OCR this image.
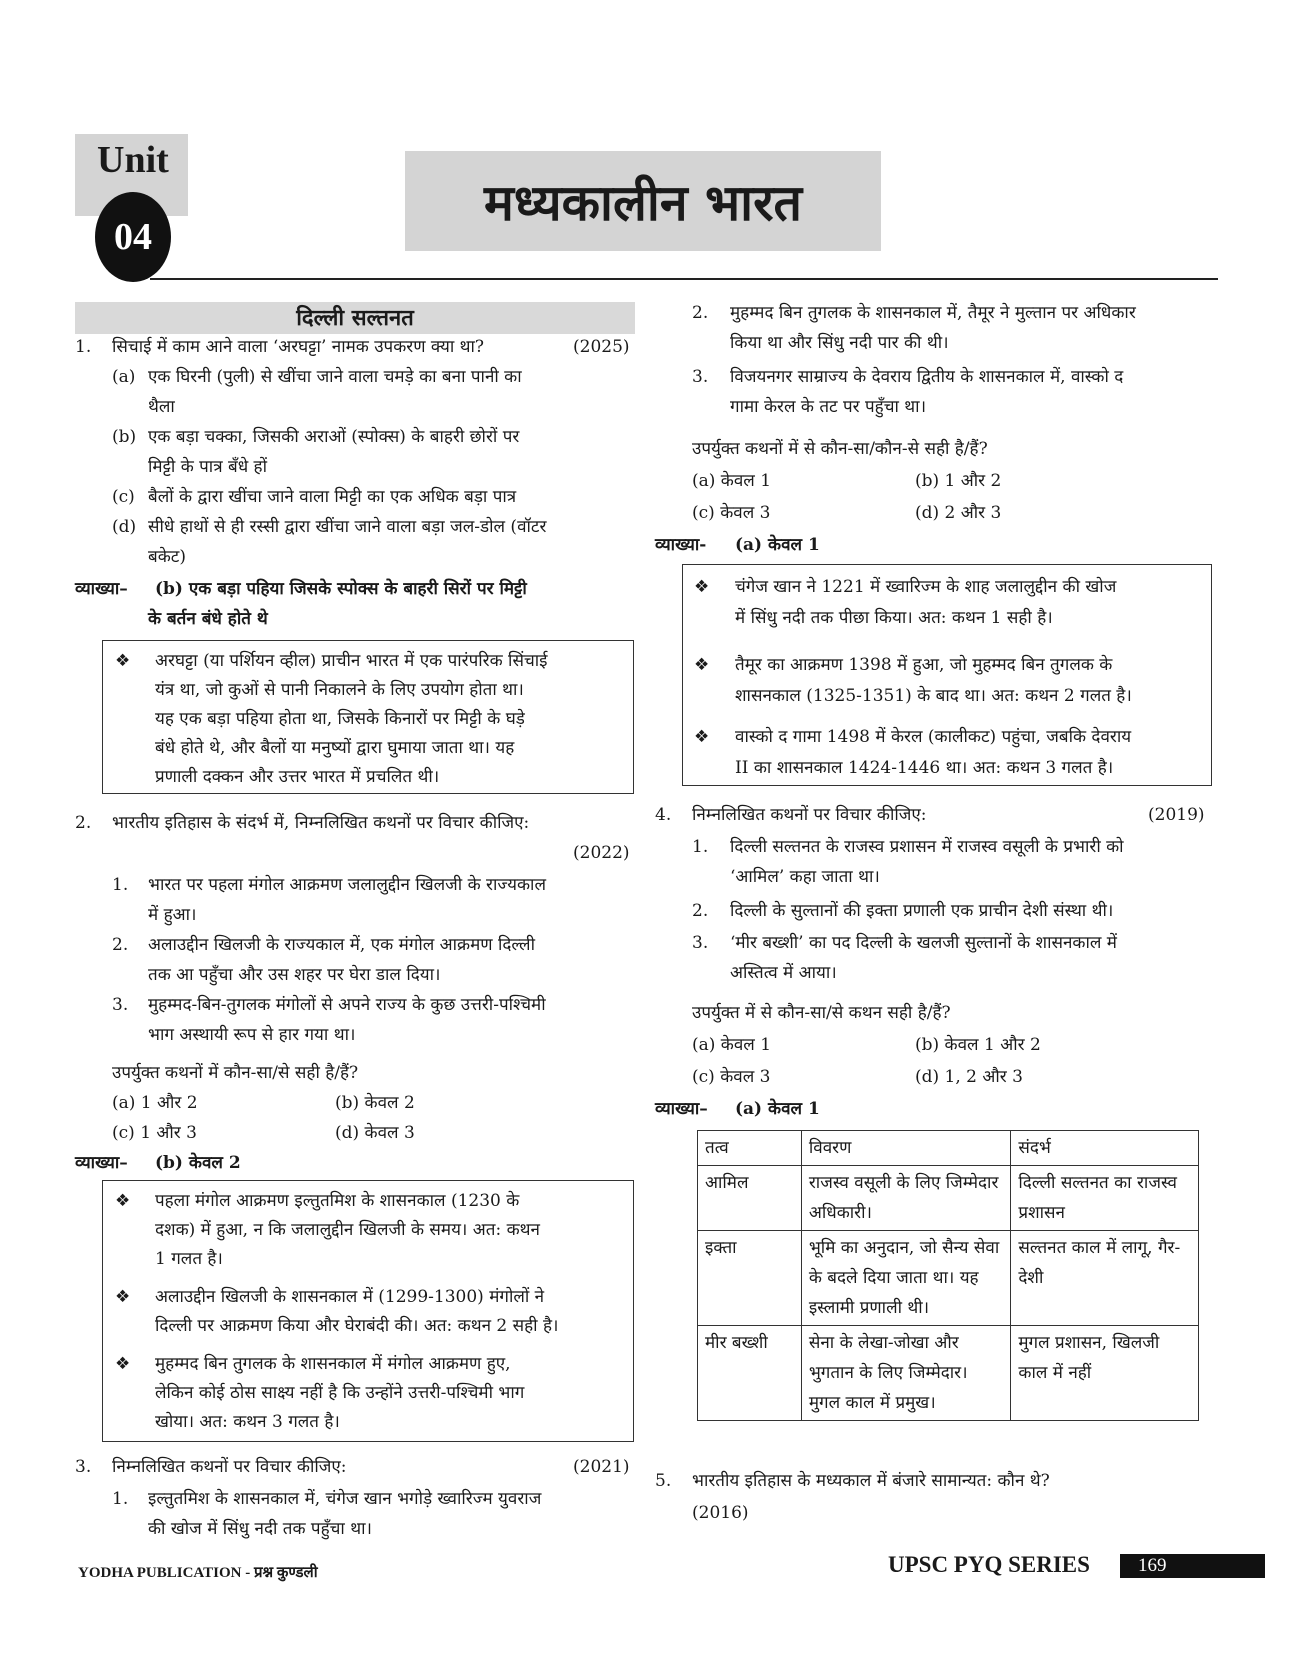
Unit
04
मध्यकालीन भारत
दिल्ली सल्तनत
1. सिचाई में काम आने वाला ‘अरघट्टा’ नामक उपकरण क्या था?	(2025)
(a) एक घिरनी (पुली) से खींचा जाने वाला चमड़े का बना पानी का
थैला
(b) एक बड़ा चक्का, जिसकी अराओं (स्पोक्स) के बाहरी छोरों पर
मिट्टी के पात्र बँधे हों
(c) बैलों के द्वारा खींचा जाने वाला मिट्टी का एक अधिक बड़ा पात्र
(d) सीधे हाथों से ही रस्सी द्वारा खींचा जाने वाला बड़ा जल-डोल (वॉटर
बकेट)
व्याख्या– (b) एक बड़ा पहिया जिसके स्पोक्स के बाहरी सिरों पर मिट्टी
के बर्तन बंधे होते थे
❖ अरघट्टा (या पर्शियन व्हील) प्राचीन भारत में एक पारंपरिक सिंचाई
यंत्र था, जो कुओं से पानी निकालने के लिए उपयोग होता था।
यह एक बड़ा पहिया होता था, जिसके किनारों पर मिट्टी के घड़े
बंधे होते थे, और बैलों या मनुष्यों द्वारा घुमाया जाता था। यह
प्रणाली दक्कन और उत्तर भारत में प्रचलित थी।
2. भारतीय इतिहास के संदर्भ में, निम्नलिखित कथनों पर विचार कीजिए:
(2022)
1. भारत पर पहला मंगोल आक्रमण जलालुद्दीन खिलजी के राज्यकाल
में हुआ।
2. अलाउद्दीन खिलजी के राज्यकाल में, एक मंगोल आक्रमण दिल्ली
तक आ पहुँचा और उस शहर पर घेरा डाल दिया।
3. मुहम्मद-बिन-तुगलक मंगोलों से अपने राज्य के कुछ उत्तरी-पश्चिमी
भाग अस्थायी रूप से हार गया था।
उपर्युक्त कथनों में कौन-सा/से सही है/हैं?
(a) 1 और 2	(b) केवल 2
(c) 1 और 3	(d) केवल 3
व्याख्या– (b) केवल 2
❖ पहला मंगोल आक्रमण इल्तुतमिश के शासनकाल (1230 के
दशक) में हुआ, न कि जलालुद्दीन खिलजी के समय। अत: कथन
1 गलत है।
❖ अलाउद्दीन खिलजी के शासनकाल में (1299-1300) मंगोलों ने
दिल्ली पर आक्रमण किया और घेराबंदी की। अत: कथन 2 सही है।
❖ मुहम्मद बिन तुगलक के शासनकाल में मंगोल आक्रमण हुए,
लेकिन कोई ठोस साक्ष्य नहीं है कि उन्होंने उत्तरी-पश्चिमी भाग
खोया। अत: कथन 3 गलत है।
3. निम्नलिखित कथनों पर विचार कीजिए:	(2021)
1. इल्तुतमिश के शासनकाल में, चंगेज खान भगोड़े ख्वारिज्म युवराज
की खोज में सिंधु नदी तक पहुँचा था।
2. मुहम्मद बिन तुगलक के शासनकाल में, तैमूर ने मुल्तान पर अधिकार
किया था और सिंधु नदी पार की थी।
3. विजयनगर साम्राज्य के देवराय द्वितीय के शासनकाल में, वास्को द
गामा केरल के तट पर पहुँचा था।
उपर्युक्त कथनों में से कौन-सा/कौन-से सही है/हैं?
(a) केवल 1	(b) 1 और 2
(c) केवल 3	(d) 2 और 3
व्याख्या- (a) केवल 1
❖ चंगेज खान ने 1221 में ख्वारिज्म के शाह जलालुद्दीन की खोज
में सिंधु नदी तक पीछा किया। अत: कथन 1 सही है।
❖ तैमूर का आक्रमण 1398 में हुआ, जो मुहम्मद बिन तुगलक के
शासनकाल (1325-1351) के बाद था। अत: कथन 2 गलत है।
❖ वास्को द गामा 1498 में केरल (कालीकट) पहुंचा, जबकि देवराय
II का शासनकाल 1424-1446 था। अत: कथन 3 गलत है।
4. निम्नलिखित कथनों पर विचार कीजिए:	(2019)
1. दिल्ली सल्तनत के राजस्व प्रशासन में राजस्व वसूली के प्रभारी को
‘आमिल’ कहा जाता था।
2. दिल्ली के सुल्तानों की इक्ता प्रणाली एक प्राचीन देशी संस्था थी।
3. ‘मीर बख्शी’ का पद दिल्ली के खलजी सुल्तानों के शासनकाल में
अस्तित्व में आया।
उपर्युक्त में से कौन-सा/से कथन सही है/हैं?
(a) केवल 1	(b) केवल 1 और 2
(c) केवल 3	(d) 1, 2 और 3
व्याख्या– (a) केवल 1
तत्व	विवरण	संदर्भ
आमिल	राजस्व वसूली के लिए जिम्मेदार अधिकारी।	दिल्ली सल्तनत का राजस्व प्रशासन
इक्ता	भूमि का अनुदान, जो सैन्य सेवा के बदले दिया जाता था। यह इस्लामी प्रणाली थी।	सल्तनत काल में लागू, गैर-देशी
मीर बख्शी	सेना के लेखा-जोखा और भुगतान के लिए जिम्मेदार। मुगल काल में प्रमुख।	मुगल प्रशासन, खिलजी काल में नहीं
5. भारतीय इतिहास के मध्यकाल में बंजारे सामान्यत: कौन थे?
(2016)
YODHA PUBLICATION - प्रश्न कुण्डली	UPSC PYQ SERIES	169
